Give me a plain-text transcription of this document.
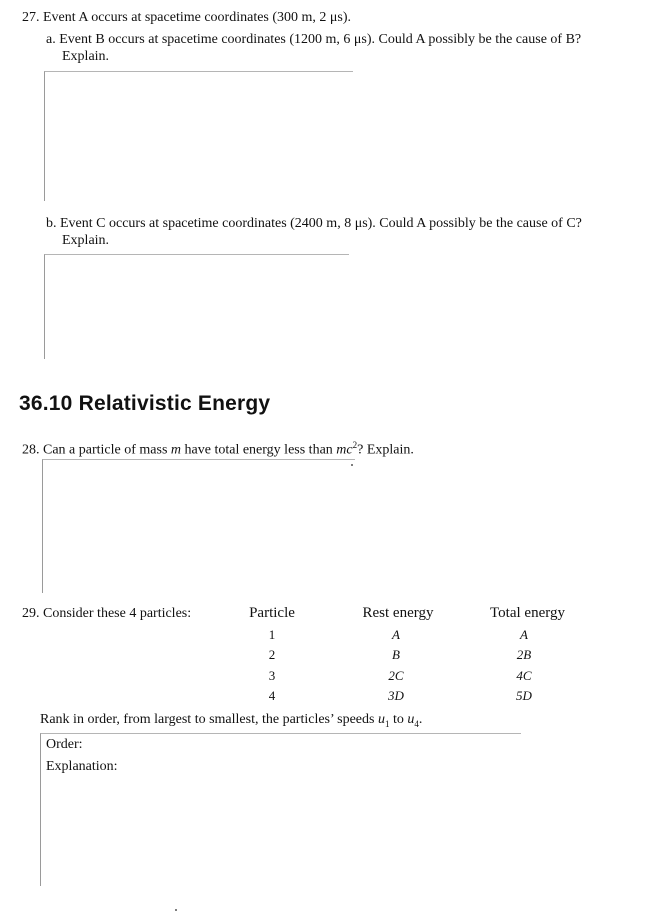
27. Event A occurs at spacetime coordinates (300 m, 2 μs).
a. Event B occurs at spacetime coordinates (1200 m, 6 μs). Could A possibly be the cause of B?
Explain.
b. Event C occurs at spacetime coordinates (2400 m, 8 μs). Could A possibly be the cause of C?
Explain.
36.10 Relativistic Energy
28. Can a particle of mass m have total energy less than $mc^2$? Explain.
29. Consider these 4 particles:	Particle	Rest energy	Total energy
1	A	A
2	B	2B
3	2C	4C
4	3D	5D
Rank in order, from largest to smallest, the particles’ speeds $u_1$ to $u_4$.
Order:
Explanation:
